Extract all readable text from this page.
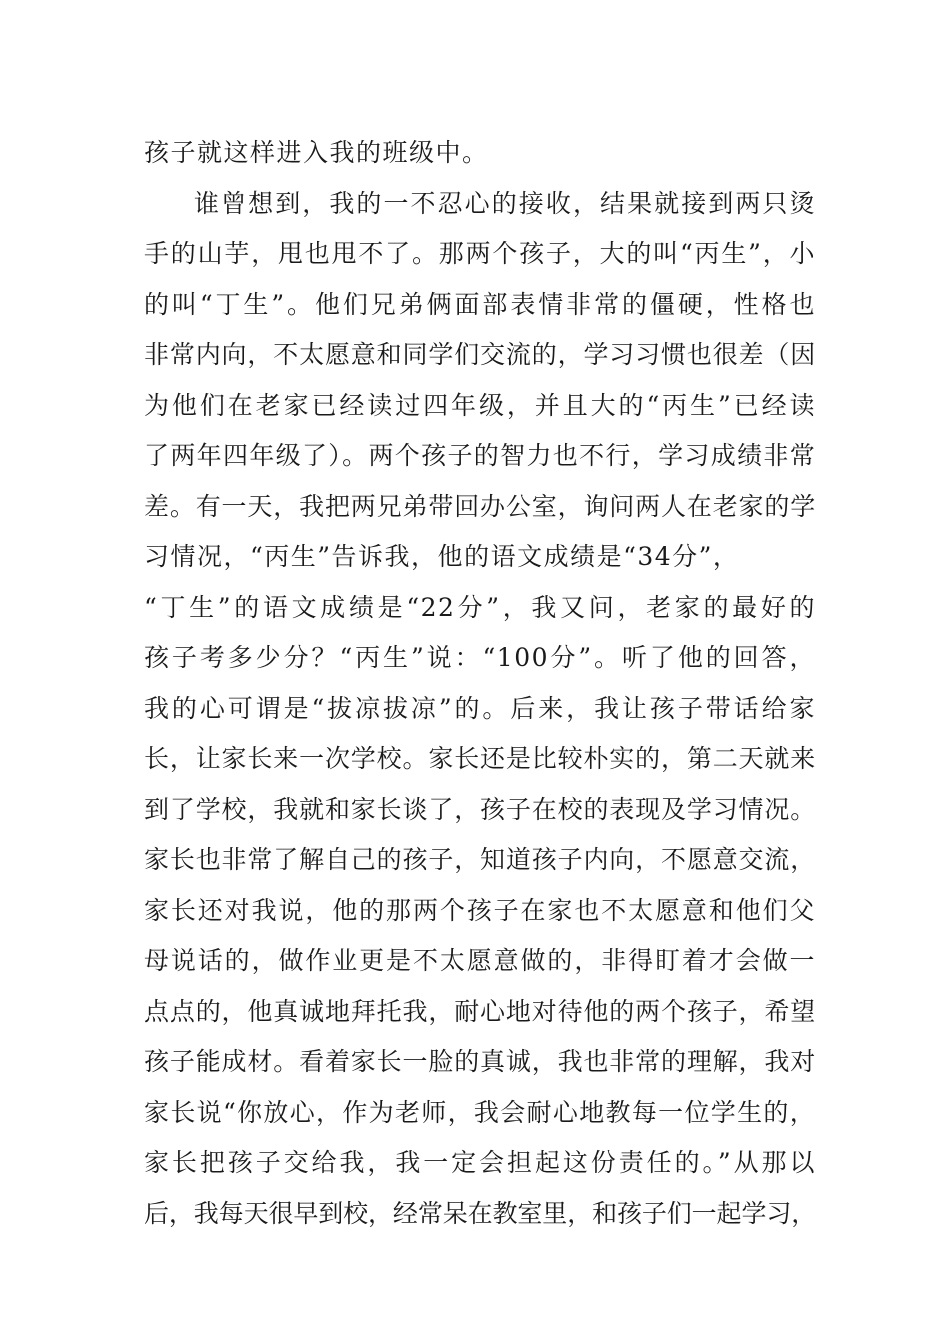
孩子就这样进入我的班级中。
谁曾想到，我的一不忍心的接收，结果就接到两只烫
手的山芋，甩也甩不了。那两个孩子，大的叫“丙生”，小
的叫“丁生”。他们兄弟俩面部表情非常的僵硬，性格也
非常内向，不太愿意和同学们交流的，学习习惯也很差（因
为他们在老家已经读过四年级，并且大的“丙生”已经读
了两年四年级了）。两个孩子的智力也不行，学习成绩非常
差。有一天，我把两兄弟带回办公室，询问两人在老家的学
习情况，“丙生”告诉我，他的语文成绩是“34分”，
“丁生”的语文成绩是“22分”，我又问，老家的最好的
孩子考多少分？“丙生”说：“100分”。听了他的回答，
我的心可谓是“拔凉拔凉”的。后来，我让孩子带话给家
长，让家长来一次学校。家长还是比较朴实的，第二天就来
到了学校，我就和家长谈了，孩子在校的表现及学习情况。
家长也非常了解自己的孩子，知道孩子内向，不愿意交流，
家长还对我说，他的那两个孩子在家也不太愿意和他们父
母说话的，做作业更是不太愿意做的，非得盯着才会做一
点点的，他真诚地拜托我，耐心地对待他的两个孩子，希望
孩子能成材。看着家长一脸的真诚，我也非常的理解，我对
家长说“你放心，作为老师，我会耐心地教每一位学生的，
家长把孩子交给我，我一定会担起这份责任的。”从那以
后，我每天很早到校，经常呆在教室里，和孩子们一起学习，
